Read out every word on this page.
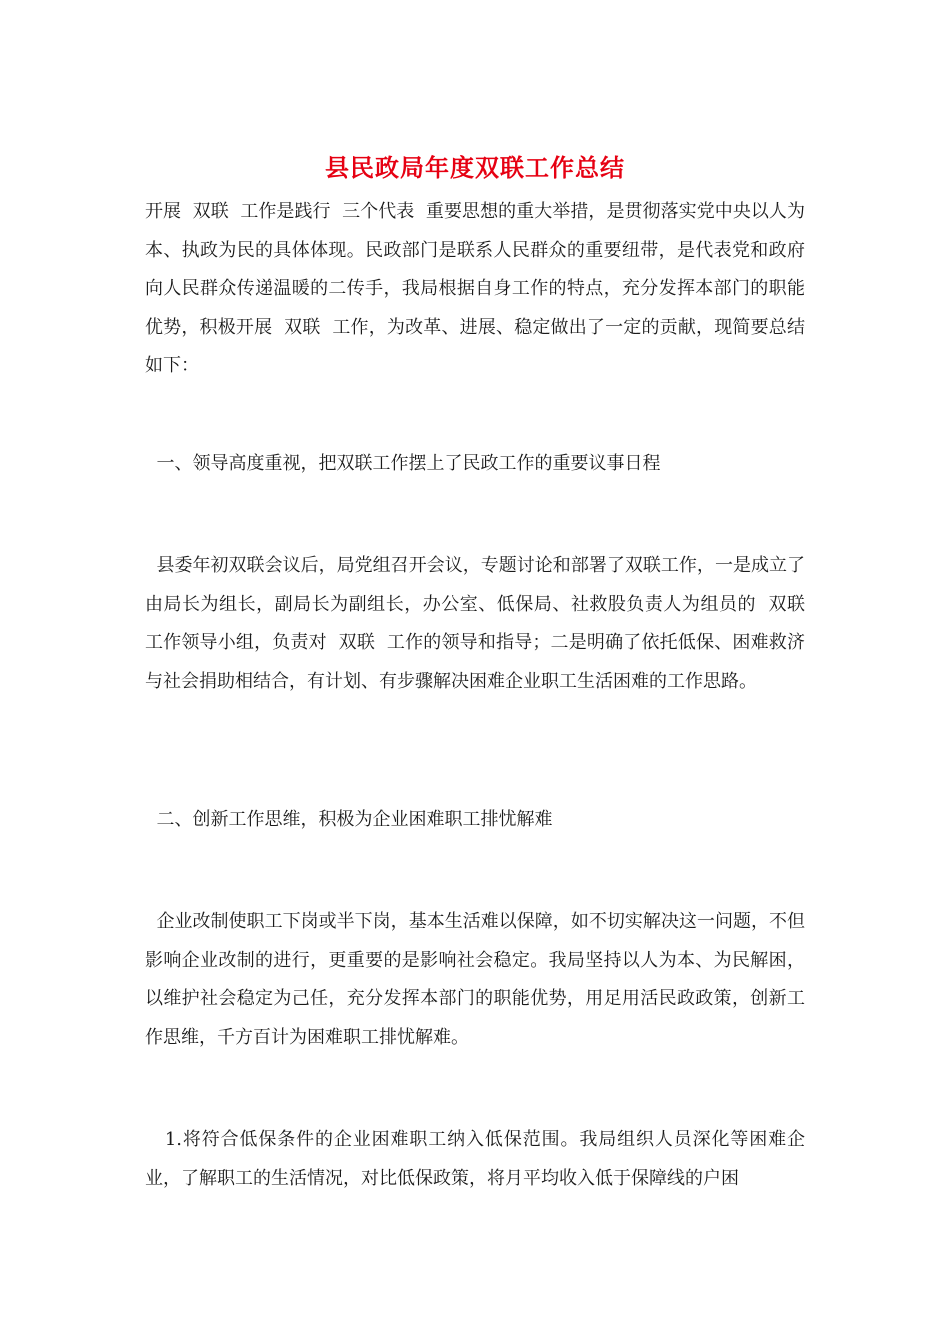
县民政局年度双联工作总结

开展  双联  工作是践行  三个代表  重要思想的重大举措，是贯彻落实党中央以人为本、执政为民的具体体现。民政部门是联系人民群众的重要纽带，是代表党和政府向人民群众传递温暖的二传手，我局根据自身工作的特点，充分发挥本部门的职能优势，积极开展  双联  工作，为改革、进展、稳定做出了一定的贡献，现简要总结如下：

一、领导高度重视，把双联工作摆上了民政工作的重要议事日程

县委年初双联会议后，局党组召开会议，专题讨论和部署了双联工作，一是成立了由局长为组长，副局长为副组长，办公室、低保局、社救股负责人为组员的  双联  工作领导小组，负责对  双联  工作的领导和指导；二是明确了依托低保、困难救济与社会捐助相结合，有计划、有步骤解决困难企业职工生活困难的工作思路。

二、创新工作思维，积极为企业困难职工排忧解难

企业改制使职工下岗或半下岗，基本生活难以保障，如不切实解决这一问题，不但影响企业改制的进行，更重要的是影响社会稳定。我局坚持以人为本、为民解困，以维护社会稳定为己任，充分发挥本部门的职能优势，用足用活民政政策，创新工作思维，千方百计为困难职工排忧解难。

1.将符合低保条件的企业困难职工纳入低保范围。我局组织人员深化等困难企业，了解职工的生活情况，对比低保政策，将月平均收入低于保障线的户困
